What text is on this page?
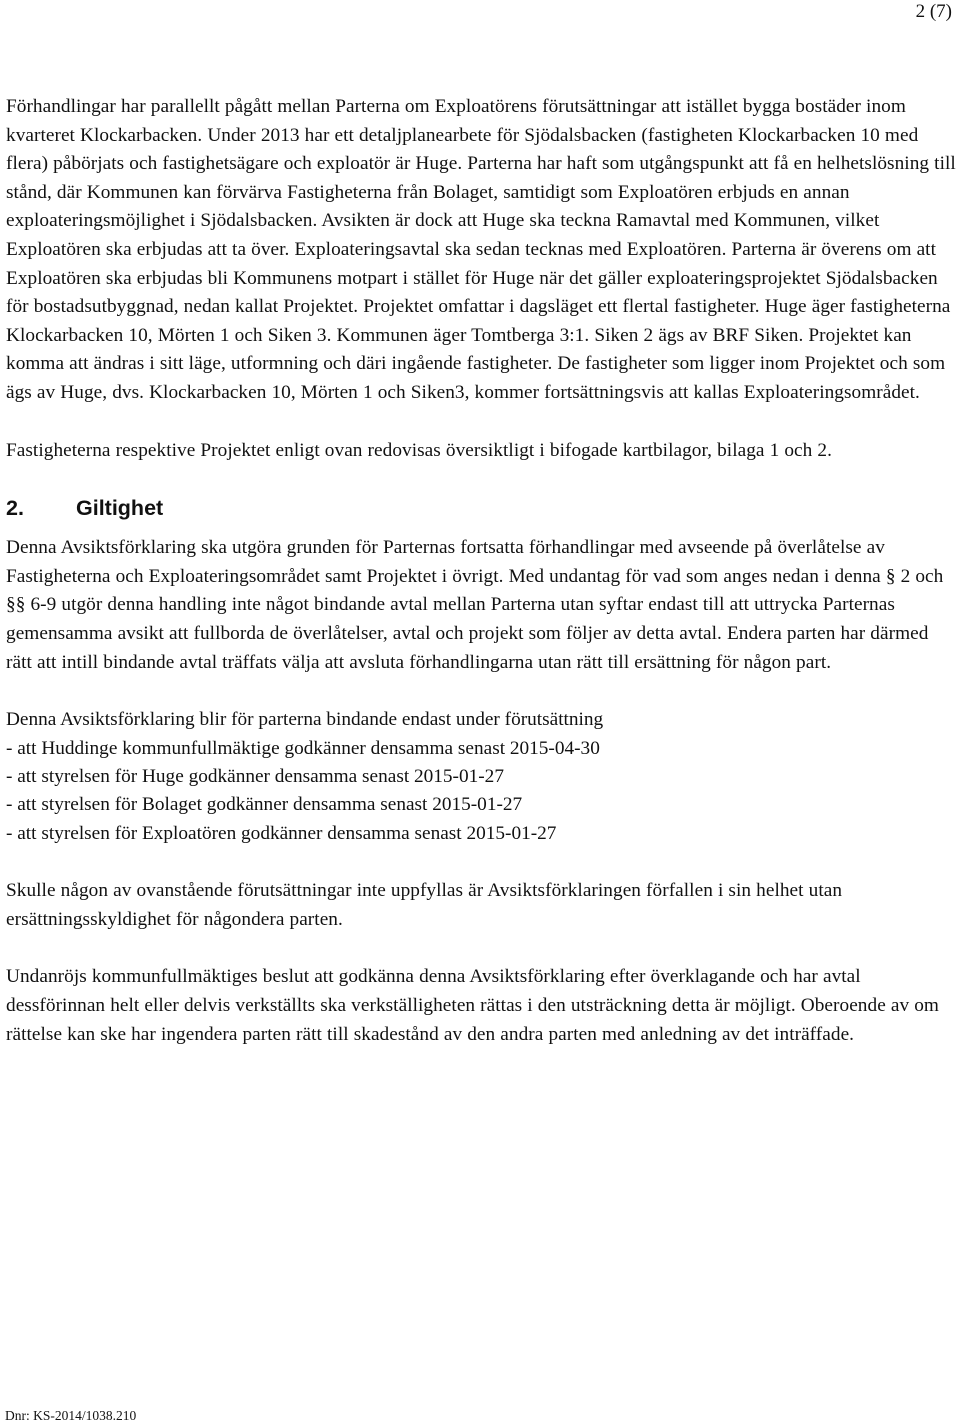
2 (7)

Förhandlingar har parallellt pågått mellan Parterna om Exploatörens förutsättningar att istället bygga bostäder inom kvarteret Klockarbacken. Under 2013 har ett detaljplanearbete för Sjödalsbacken (fastigheten Klockarbacken 10 med flera) påbörjats och fastighetsägare och exploatör är Huge. Parterna har haft som utgångspunkt att få en helhetslösning till stånd, där Kommunen kan förvärva Fastigheterna från Bolaget, samtidigt som Exploatören erbjuds en annan exploateringsmöjlighet i Sjödalsbacken. Avsikten är dock att Huge ska teckna Ramavtal med Kommunen, vilket Exploatören ska erbjudas att ta över. Exploateringsavtal ska sedan tecknas med Exploatören. Parterna är överens om att Exploatören ska erbjudas bli Kommunens motpart i stället för Huge när det gäller exploateringsprojektet Sjödalsbacken för bostadsutbyggnad, nedan kallat Projektet. Projektet omfattar i dagsläget ett flertal fastigheter. Huge äger fastigheterna Klockarbacken 10, Mörten 1 och Siken 3. Kommunen äger Tomtberga 3:1. Siken 2 ägs av BRF Siken. Projektet kan komma att ändras i sitt läge, utformning och däri ingående fastigheter. De fastigheter som ligger inom Projektet och som ägs av Huge, dvs. Klockarbacken 10, Mörten 1 och Siken3, kommer fortsättningsvis att kallas Exploateringsområdet.

Fastigheterna respektive Projektet enligt ovan redovisas översiktligt i bifogade kartbilagor, bilaga 1 och 2.

2.	Giltighet

Denna Avsiktsförklaring ska utgöra grunden för Parternas fortsatta förhandlingar med avseende på överlåtelse av Fastigheterna och Exploateringsområdet samt Projektet i övrigt. Med undantag för vad som anges nedan i denna § 2 och §§ 6-9 utgör denna handling inte något bindande avtal mellan Parterna utan syftar endast till att uttrycka Parternas gemensamma avsikt att fullborda de överlåtelser, avtal och projekt som följer av detta avtal. Endera parten har därmed rätt att intill bindande avtal träffats välja att avsluta förhandlingarna utan rätt till ersättning för någon part.

Denna Avsiktsförklaring blir för parterna bindande endast under förutsättning
- att Huddinge kommunfullmäktige godkänner densamma senast 2015-04-30
- att styrelsen för Huge godkänner densamma senast 2015-01-27
- att styrelsen för Bolaget godkänner densamma senast 2015-01-27
- att styrelsen för Exploatören godkänner densamma senast 2015-01-27

Skulle någon av ovanstående förutsättningar inte uppfyllas är Avsiktsförklaringen förfallen i sin helhet utan ersättningsskyldighet för någondera parten.

Undanröjs kommunfullmäktiges beslut att godkänna denna Avsiktsförklaring efter överklagande och har avtal dessförinnan helt eller delvis verkställts ska verkställigheten rättas i den utsträckning detta är möjligt. Oberoende av om rättelse kan ske har ingendera parten rätt till skadestånd av den andra parten med anledning av det inträffade.

Dnr: KS-2014/1038.210
